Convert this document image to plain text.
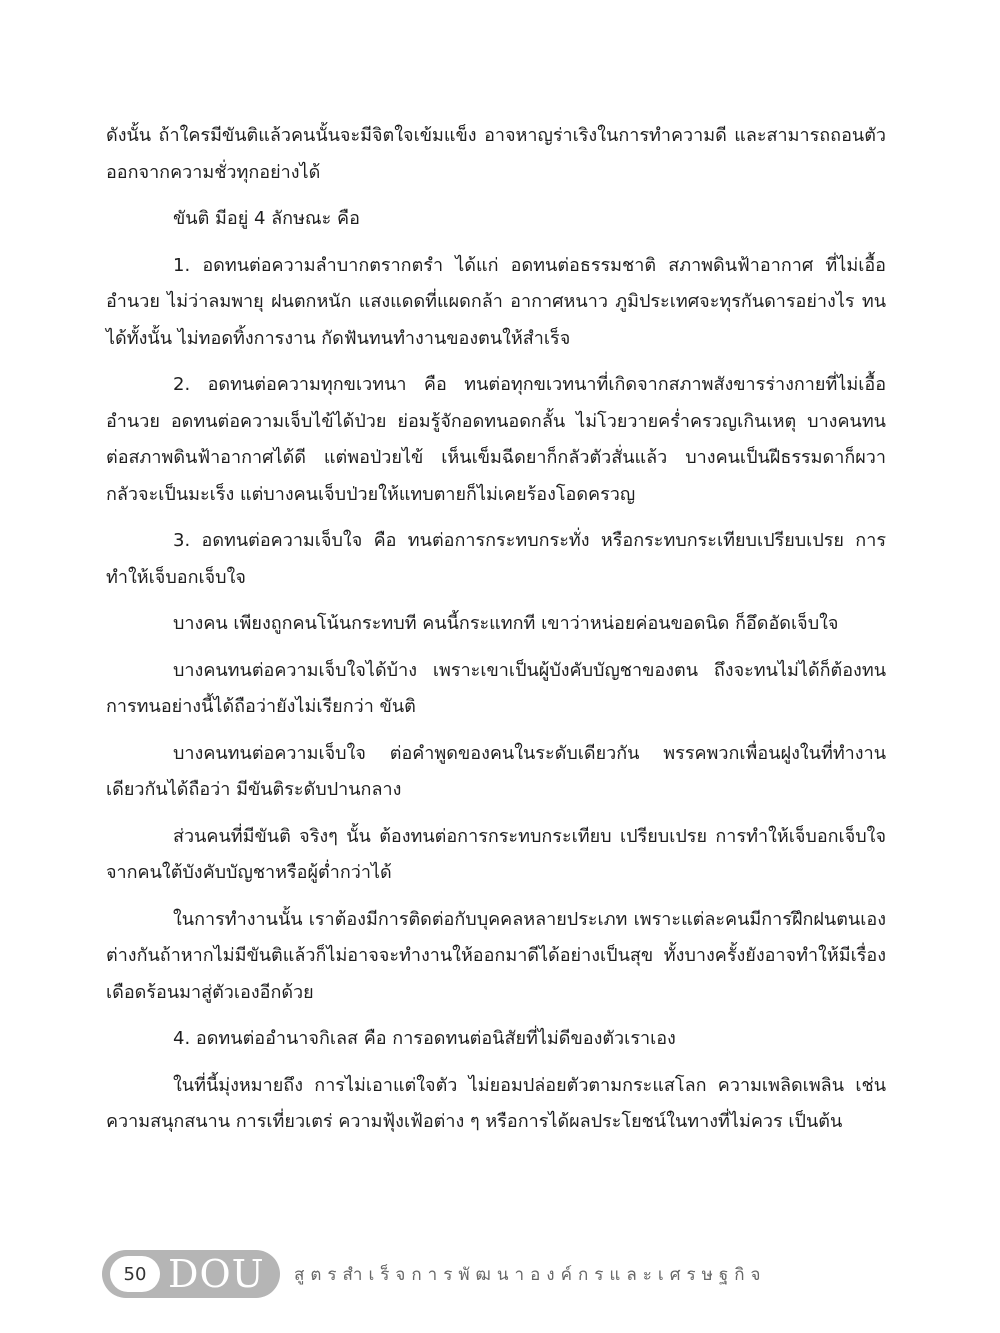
ดังนั้น ถ้าใครมีขันติแล้วคนนั้นจะมีจิตใจเข้มแข็ง อาจหาญร่าเริงในการทำความดี และสามารถถอนตัวออกจากความชั่วทุกอย่างได้

ขันติ มีอยู่ 4 ลักษณะ คือ

1. อดทนต่อความลำบากตรากตรำ ได้แก่ อดทนต่อธรรมชาติ สภาพดินฟ้าอากาศ ที่ไม่เอื้ออำนวย ไม่ว่าลมพายุ ฝนตกหนัก แสงแดดที่แผดกล้า อากาศหนาว ภูมิประเทศจะทุรกันดารอย่างไร ทนได้ทั้งนั้น ไม่ทอดทิ้งการงาน กัดฟันทนทำงานของตนให้สำเร็จ

2. อดทนต่อความทุกขเวทนา คือ ทนต่อทุกขเวทนาที่เกิดจากสภาพสังขารร่างกายที่ไม่เอื้ออำนวย อดทนต่อความเจ็บไข้ได้ป่วย ย่อมรู้จักอดทนอดกลั้น ไม่โวยวายคร่ำครวญเกินเหตุ บางคนทนต่อสภาพดินฟ้าอากาศได้ดี แต่พอป่วยไข้ เห็นเข็มฉีดยาก็กลัวตัวสั่นแล้ว บางคนเป็นฝีธรรมดาก็ผวา กลัวจะเป็นมะเร็ง แต่บางคนเจ็บป่วยให้แทบตายก็ไม่เคยร้องโอดครวญ

3. อดทนต่อความเจ็บใจ คือ ทนต่อการกระทบกระทั่ง หรือกระทบกระเทียบเปรียบเปรย การทำให้เจ็บอกเจ็บใจ

บางคน เพียงถูกคนโน้นกระทบที คนนี้กระแทกที เขาว่าหน่อยค่อนขอดนิด ก็อึดอัดเจ็บใจ

บางคนทนต่อความเจ็บใจได้บ้าง เพราะเขาเป็นผู้บังคับบัญชาของตน ถึงจะทนไม่ได้ก็ต้องทน การทนอย่างนี้ได้ถือว่ายังไม่เรียกว่า ขันติ

บางคนทนต่อความเจ็บใจ ต่อคำพูดของคนในระดับเดียวกัน พรรคพวกเพื่อนฝูงในที่ทำงานเดียวกันได้ถือว่า มีขันติระดับปานกลาง

ส่วนคนที่มีขันติ จริงๆ นั้น ต้องทนต่อการกระทบกระเทียบ เปรียบเปรย การทำให้เจ็บอกเจ็บใจ จากคนใต้บังคับบัญชาหรือผู้ต่ำกว่าได้

ในการทำงานนั้น เราต้องมีการติดต่อกับบุคคลหลายประเภท เพราะแต่ละคนมีการฝึกฝนตนเองต่างกันถ้าหากไม่มีขันติแล้วก็ไม่อาจจะทำงานให้ออกมาดีได้อย่างเป็นสุข ทั้งบางครั้งยังอาจทำให้มีเรื่องเดือดร้อนมาสู่ตัวเองอีกด้วย

4. อดทนต่ออำนาจกิเลส คือ การอดทนต่อนิสัยที่ไม่ดีของตัวเราเอง

ในที่นี้มุ่งหมายถึง การไม่เอาแต่ใจตัว ไม่ยอมปล่อยตัวตามกระแสโลก ความเพลิดเพลิน เช่น ความสนุกสนาน การเที่ยวเตร่ ความฟุ้งเฟ้อต่าง ๆ หรือการได้ผลประโยชน์ในทางที่ไม่ควร เป็นต้น

50 DOU สูตรสำเร็จการพัฒนาองค์กรและเศรษฐกิจ
